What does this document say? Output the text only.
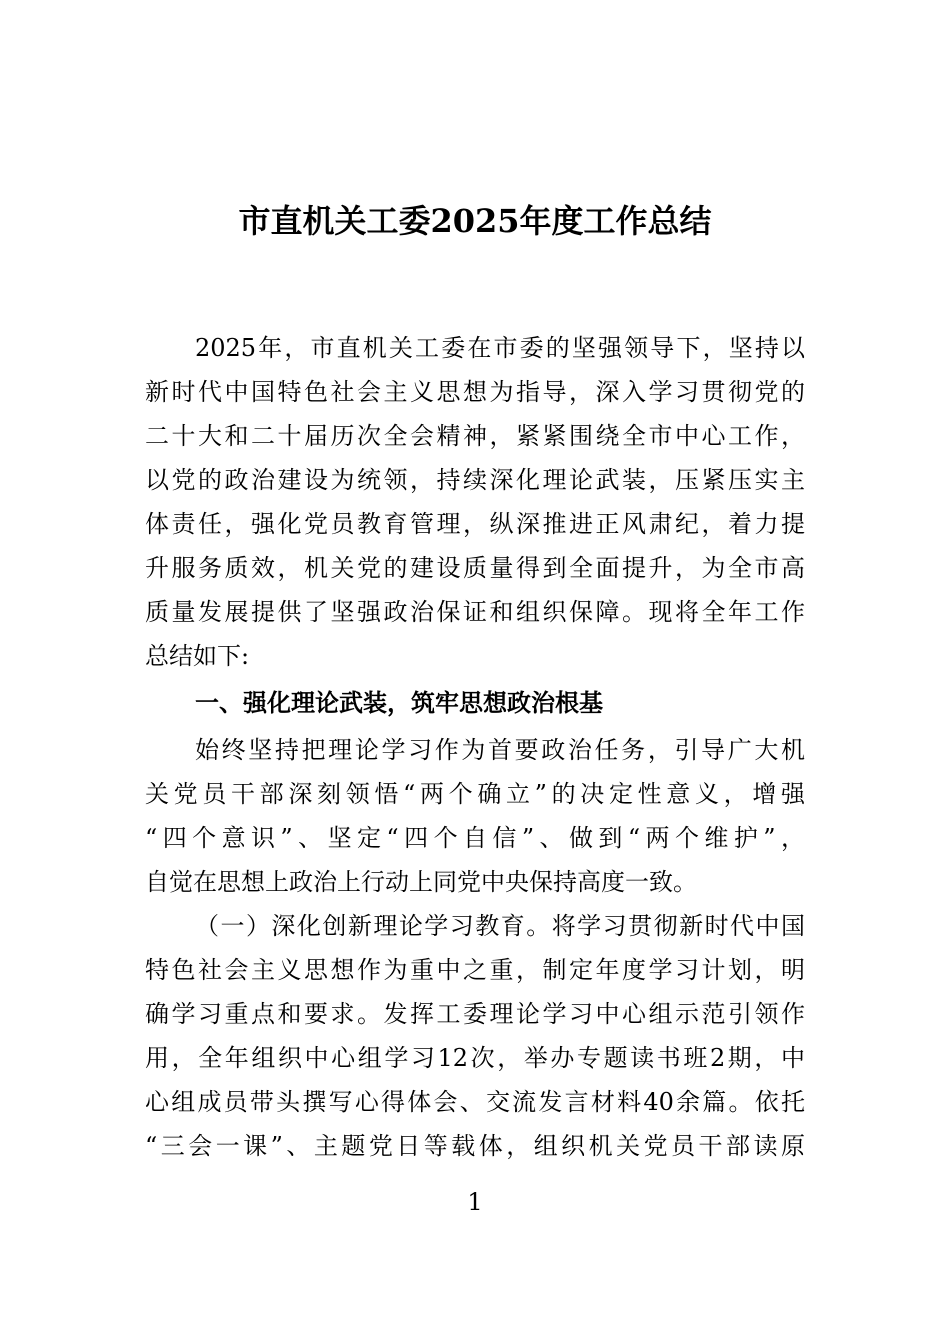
市直机关工委2025年度工作总结
2025年，市直机关工委在市委的坚强领导下，坚持以
新时代中国特色社会主义思想为指导，深入学习贯彻党的
二十大和二十届历次全会精神，紧紧围绕全市中心工作，
以党的政治建设为统领，持续深化理论武装，压紧压实主
体责任，强化党员教育管理，纵深推进正风肃纪，着力提
升服务质效，机关党的建设质量得到全面提升，为全市高
质量发展提供了坚强政治保证和组织保障。现将全年工作
总结如下:
一、强化理论武装，筑牢思想政治根基
始终坚持把理论学习作为首要政治任务，引导广大机
关党员干部深刻领悟“两个确立”的决定性意义，增强
“四个意识”、坚定“四个自信”、做到“两个维护”，
自觉在思想上政治上行动上同党中央保持高度一致。
（一）深化创新理论学习教育。将学习贯彻新时代中国
特色社会主义思想作为重中之重，制定年度学习计划，明
确学习重点和要求。发挥工委理论学习中心组示范引领作
用，全年组织中心组学习12次，举办专题读书班2期，中
心组成员带头撰写心得体会、交流发言材料40余篇。依托
“三会一课”、主题党日等载体，组织机关党员干部读原
1
